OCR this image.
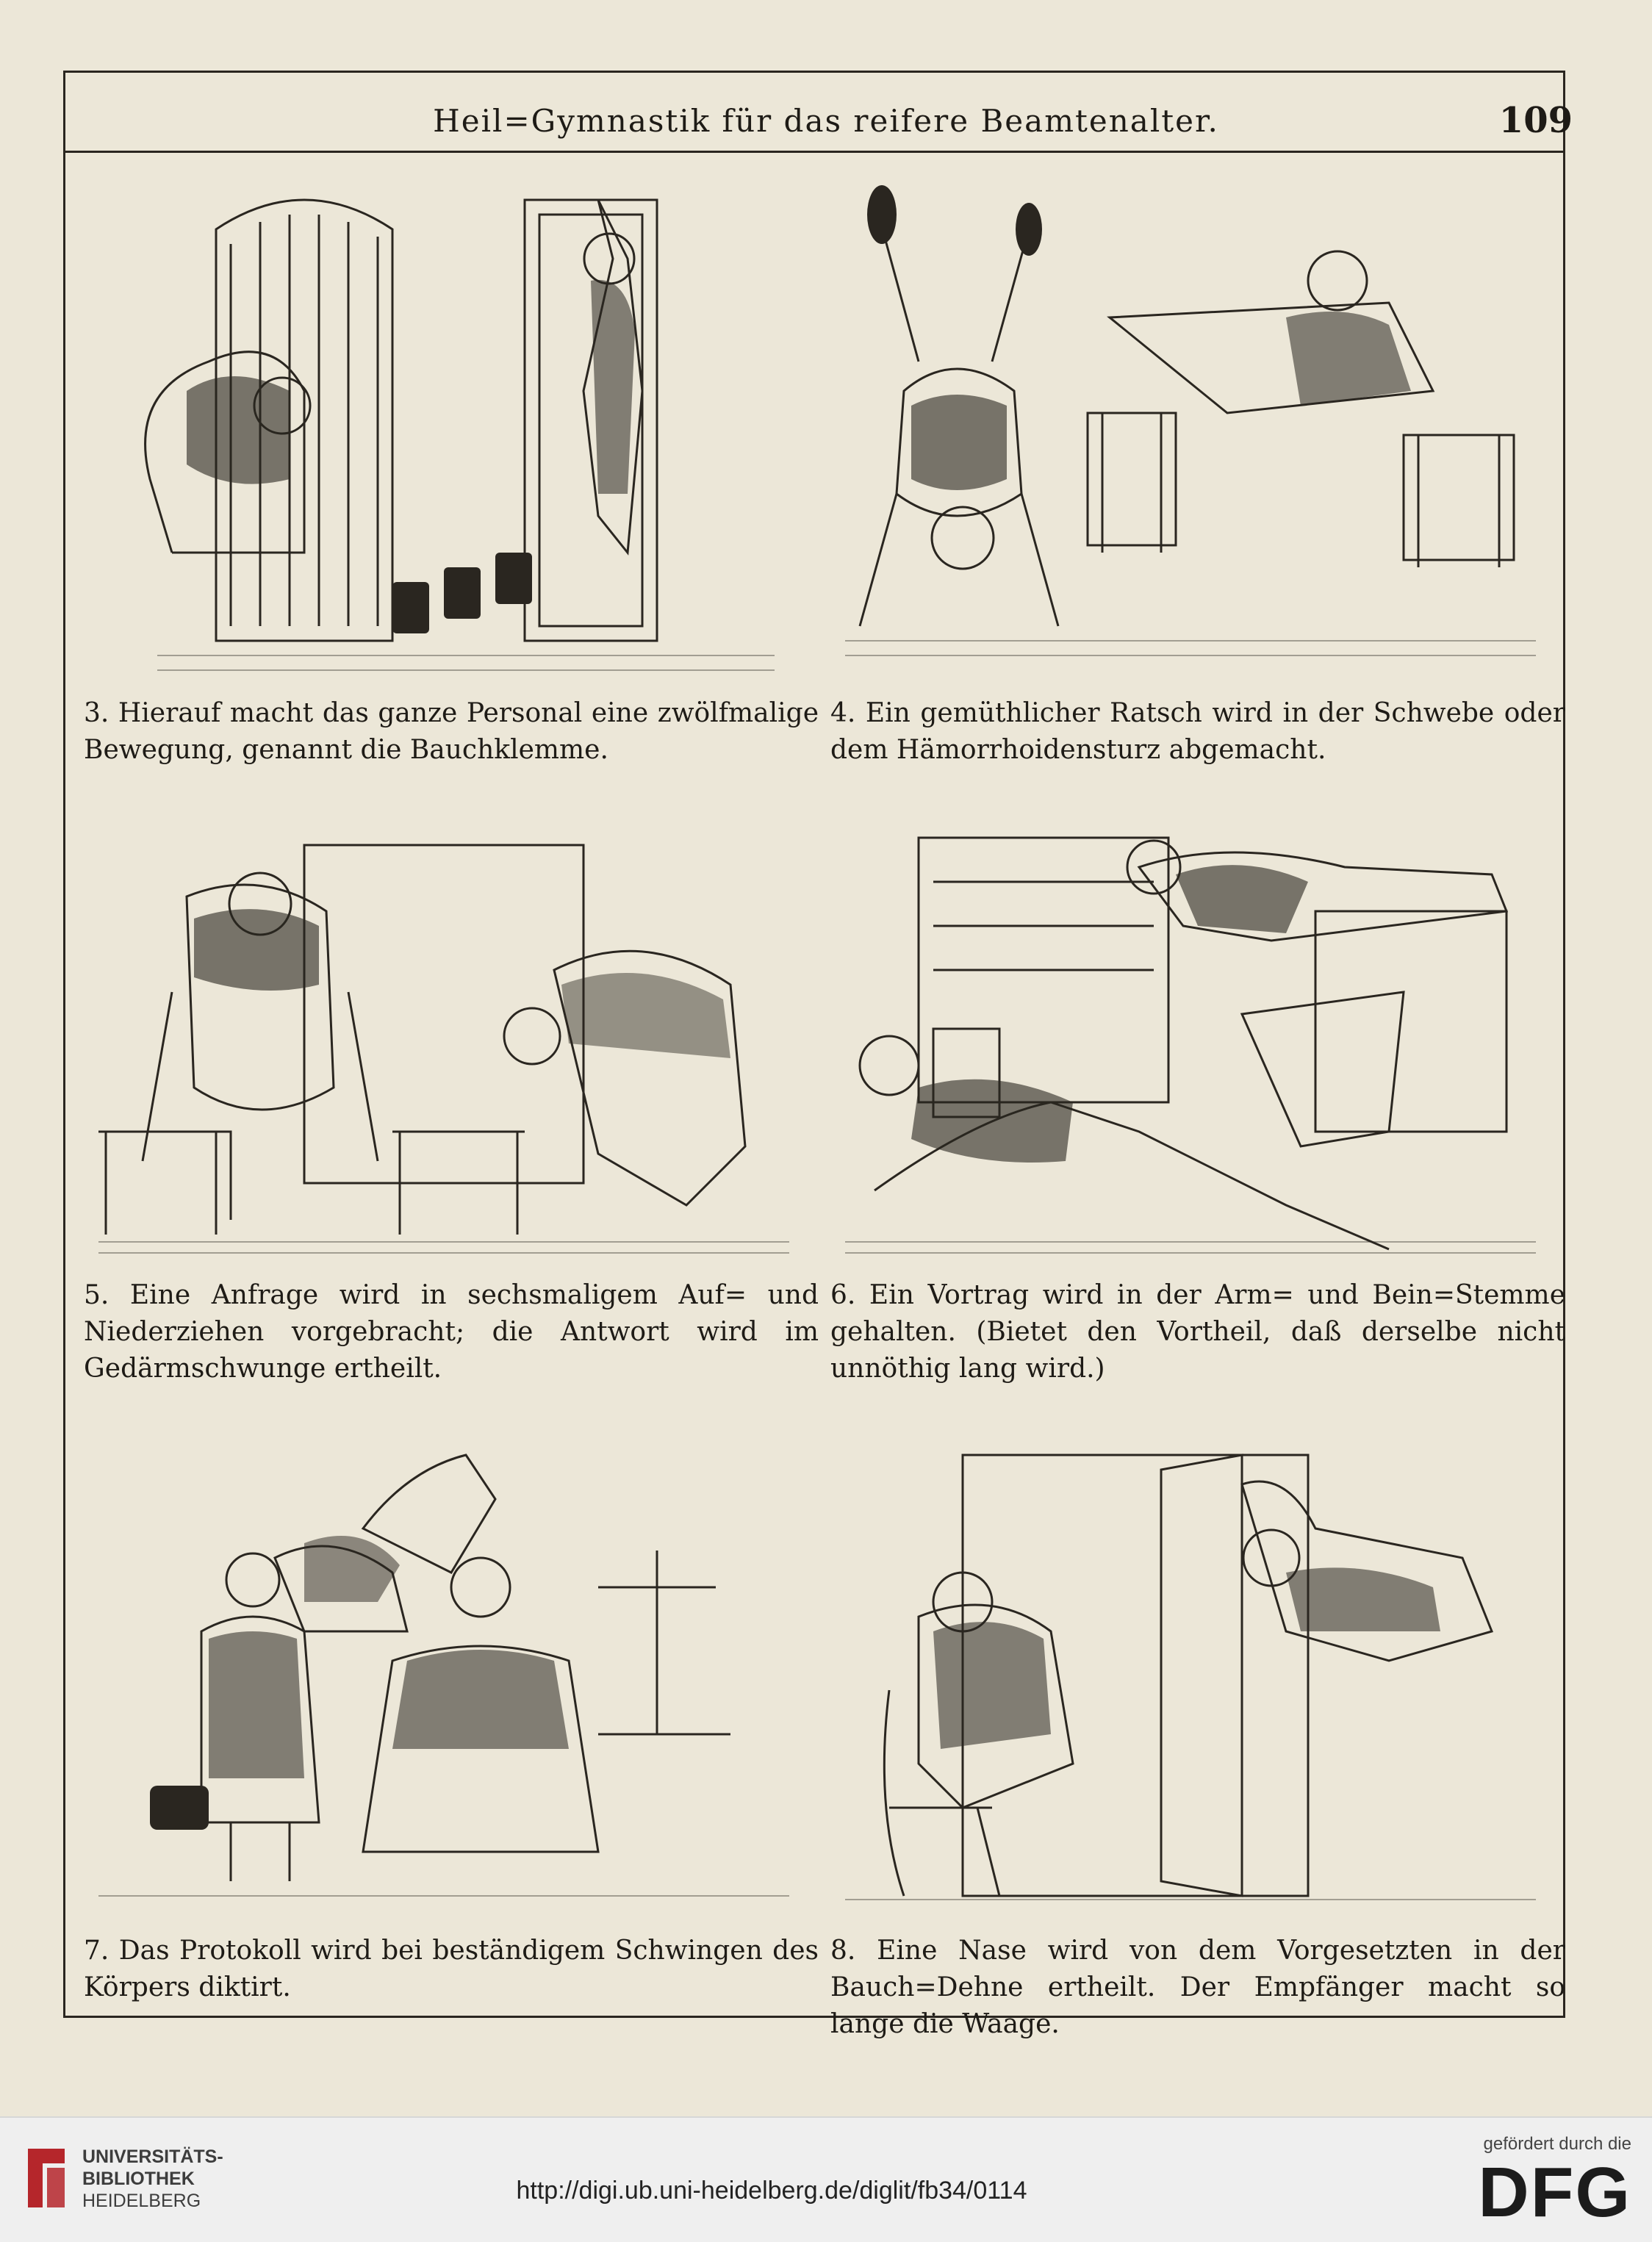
Heil=Gymnastik für das reifere Beamtenalter.	109
3. Hierauf macht das ganze Personal eine zwölfmalige Bewegung, genannt die Bauchklemme.
4. Ein gemüthlicher Ratsch wird in der Schwebe oder dem Hämorrhoidensturz abgemacht.
5. Eine Anfrage wird in sechsmaligem Auf= und Niederziehen vorgebracht; die Antwort wird im Gedärmschwunge ertheilt.
6. Ein Vortrag wird in der Arm= und Bein=Stemme gehalten. (Bietet den Vortheil, daß derselbe nicht unnöthig lang wird.)
7. Das Protokoll wird bei beständigem Schwingen des Körpers diktirt.
8. Eine Nase wird von dem Vorgesetzten in der Bauch=Dehne ertheilt. Der Empfänger macht so lange die Waage.
UNIVERSITÄTS-
BIBLIOTHEK
HEIDELBERG	http://digi.ub.uni-heidelberg.de/diglit/fb34/0114
gefördert durch die
DFG
